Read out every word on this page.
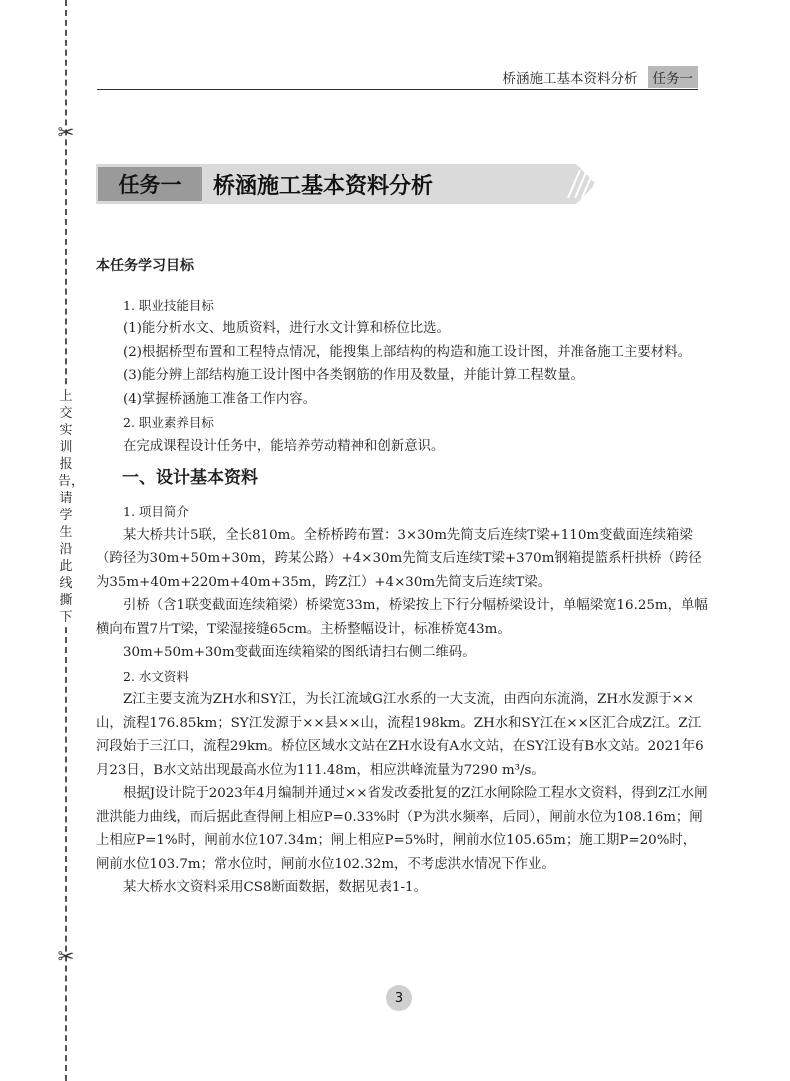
✂
✂
上交实训报告，请学生沿此线撕下
桥涵施工基本资料分析	任务一
任务一	桥涵施工基本资料分析

本任务学习目标

1. 职业技能目标

(1)能分析水文、地质资料，进行水文计算和桥位比选。

(2)根据桥型布置和工程特点情况，能搜集上部结构的构造和施工设计图，并准备施工主要材料。

(3)能分辨上部结构施工设计图中各类钢筋的作用及数量，并能计算工程数量。

(4)掌握桥涵施工准备工作内容。

2. 职业素养目标

在完成课程设计任务中，能培养劳动精神和创新意识。

一、设计基本资料

1. 项目简介

某大桥共计5联，全长810m。全桥桥跨布置：3×30m先简支后连续T梁+110m变截面连续箱梁（跨径为30m+50m+30m，跨某公路）+4×30m先简支后连续T梁+370m钢箱提篮系杆拱桥（跨径为35m+40m+220m+40m+35m，跨Z江）+4×30m先简支后连续T梁。

引桥（含1联变截面连续箱梁）桥梁宽33m，桥梁按上下行分幅桥梁设计，单幅梁宽16.25m，单幅横向布置7片T梁，T梁湿接缝65cm。主桥整幅设计，标准桥宽43m。

30m+50m+30m变截面连续箱梁的图纸请扫右侧二维码。

2. 水文资料

Z江主要支流为ZH水和SY江，为长江流域G江水系的一大支流，由西向东流淌，ZH水发源于××山，流程176.85km；SY江发源于××县××山，流程198km。ZH水和SY江在××区汇合成Z江。Z江河段始于三江口，流程29km。桥位区域水文站在ZH水设有A水文站，在SY江设有B水文站。2021年6月23日，B水文站出现最高水位为111.48m，相应洪峰流量为7290 m³/s。

根据J设计院于2023年4月编制并通过××省发改委批复的Z江水闸除险工程水文资料，得到Z江水闸泄洪能力曲线，而后据此查得闸上相应P=0.33%时（P为洪水频率，后同），闸前水位为108.16m；闸上相应P=1%时，闸前水位107.34m；闸上相应P=5%时，闸前水位105.65m；施工期P=20%时，闸前水位103.7m；常水位时，闸前水位102.32m，不考虑洪水情况下作业。

某大桥水文资料采用CS8断面数据，数据见表1-1。

3
